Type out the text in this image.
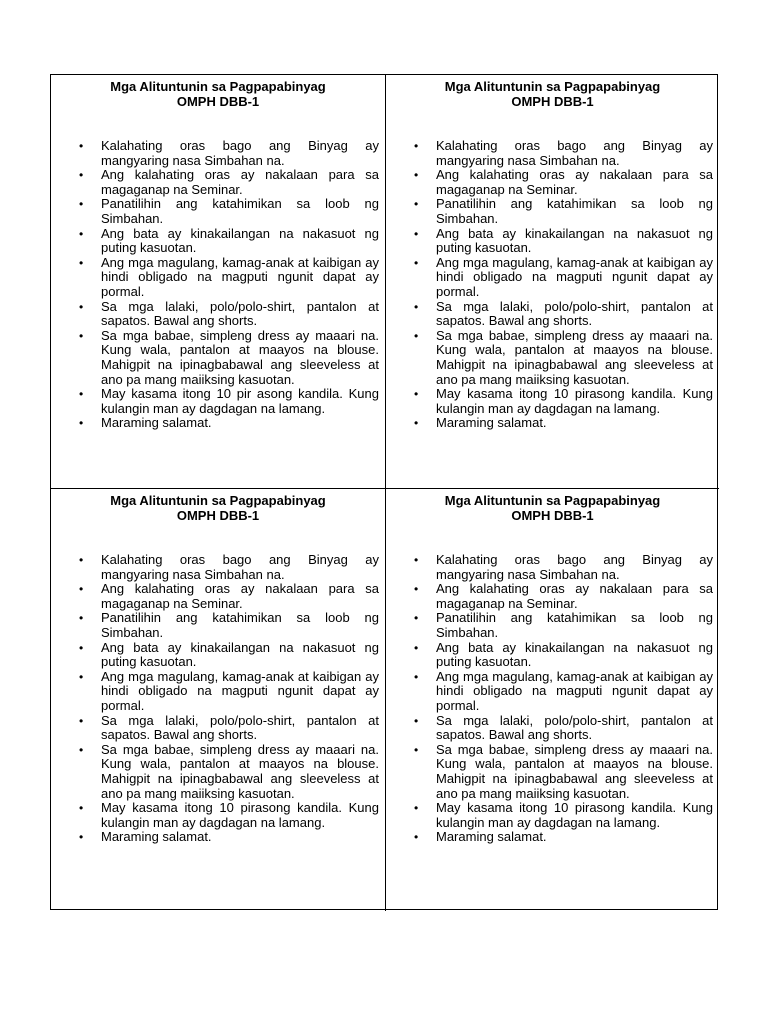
Mga Alituntunin sa Pagpapabinyag
OMPH DBB-1
• Kalahating oras bago ang Binyag ay mangyaring nasa Simbahan na.
• Ang kalahating oras ay nakalaan para sa magaganap na Seminar.
• Panatilihin ang katahimikan sa loob ng Simbahan.
• Ang bata ay kinakailangan na nakasuot ng puting kasuotan.
• Ang mga magulang, kamag-anak at kaibigan ay hindi obligado na magputi ngunit dapat ay pormal.
• Sa mga lalaki, polo/polo-shirt, pantalon at sapatos. Bawal ang shorts.
• Sa mga babae, simpleng dress ay maaari na. Kung wala, pantalon at maayos na blouse. Mahigpit na ipinagbabawal ang sleeveless at ano pa mang maiiksing kasuotan.
• May kasama itong 10 pir asong kandila. Kung kulangin man ay dagdagan na lamang.
• Maraming salamat.
Mga Alituntunin sa Pagpapabinyag
OMPH DBB-1
• Kalahating oras bago ang Binyag ay mangyaring nasa Simbahan na.
• Ang kalahating oras ay nakalaan para sa magaganap na Seminar.
• Panatilihin ang katahimikan sa loob ng Simbahan.
• Ang bata ay kinakailangan na nakasuot ng puting kasuotan.
• Ang mga magulang, kamag-anak at kaibigan ay hindi obligado na magputi ngunit dapat ay pormal.
• Sa mga lalaki, polo/polo-shirt, pantalon at sapatos. Bawal ang shorts.
• Sa mga babae, simpleng dress ay maaari na. Kung wala, pantalon at maayos na blouse. Mahigpit na ipinagbabawal ang sleeveless at ano pa mang maiiksing kasuotan.
• May kasama itong 10 pirasong kandila. Kung kulangin man ay dagdagan na lamang.
• Maraming salamat.
Mga Alituntunin sa Pagpapabinyag
OMPH DBB-1
• Kalahating oras bago ang Binyag ay mangyaring nasa Simbahan na.
• Ang kalahating oras ay nakalaan para sa magaganap na Seminar.
• Panatilihin ang katahimikan sa loob ng Simbahan.
• Ang bata ay kinakailangan na nakasuot ng puting kasuotan.
• Ang mga magulang, kamag-anak at kaibigan ay hindi obligado na magputi ngunit dapat ay pormal.
• Sa mga lalaki, polo/polo-shirt, pantalon at sapatos. Bawal ang shorts.
• Sa mga babae, simpleng dress ay maaari na. Kung wala, pantalon at maayos na blouse. Mahigpit na ipinagbabawal ang sleeveless at ano pa mang maiiksing kasuotan.
• May kasama itong 10 pirasong kandila. Kung kulangin man ay dagdagan na lamang.
• Maraming salamat.
Mga Alituntunin sa Pagpapabinyag
OMPH DBB-1
• Kalahating oras bago ang Binyag ay mangyaring nasa Simbahan na.
• Ang kalahating oras ay nakalaan para sa magaganap na Seminar.
• Panatilihin ang katahimikan sa loob ng Simbahan.
• Ang bata ay kinakailangan na nakasuot ng puting kasuotan.
• Ang mga magulang, kamag-anak at kaibigan ay hindi obligado na magputi ngunit dapat ay pormal.
• Sa mga lalaki, polo/polo-shirt, pantalon at sapatos. Bawal ang shorts.
• Sa mga babae, simpleng dress ay maaari na. Kung wala, pantalon at maayos na blouse. Mahigpit na ipinagbabawal ang sleeveless at ano pa mang maiiksing kasuotan.
• May kasama itong 10 pirasong kandila. Kung kulangin man ay dagdagan na lamang.
• Maraming salamat.
